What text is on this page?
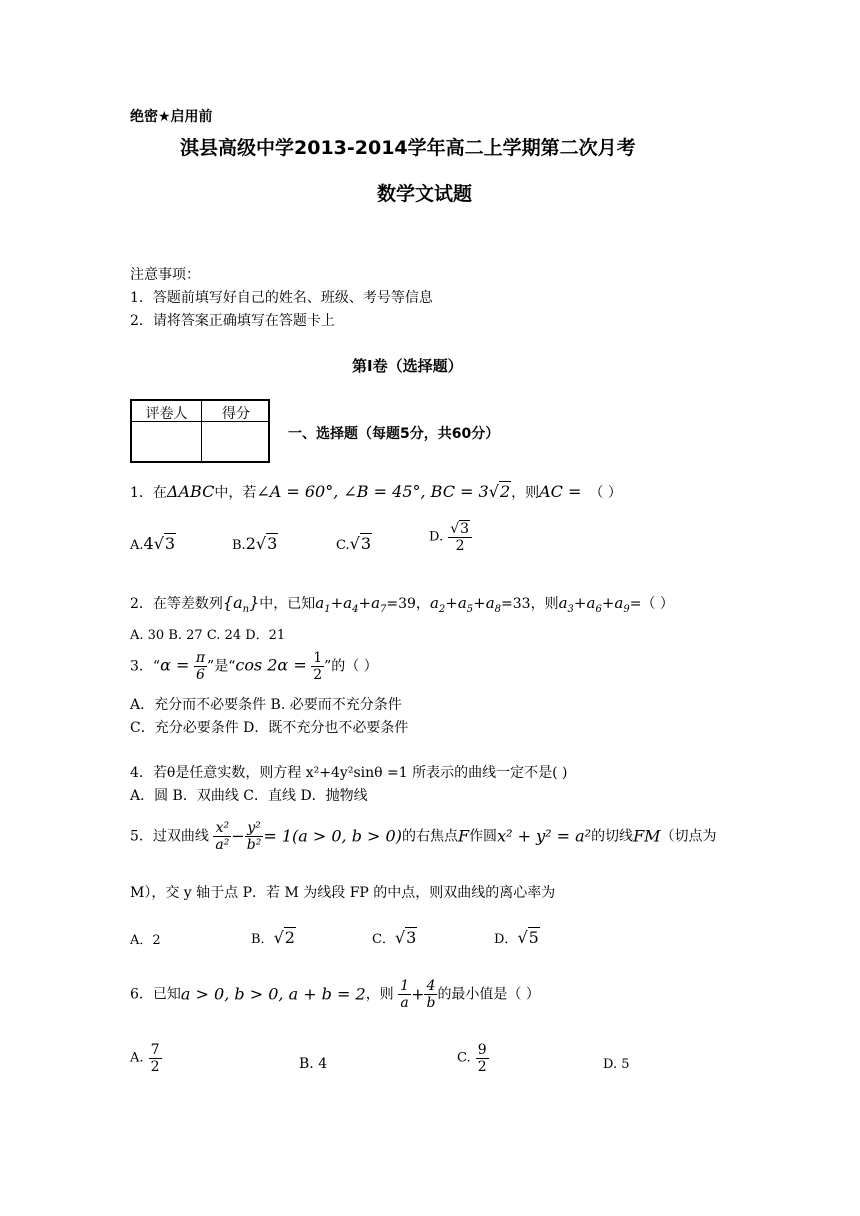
绝密★启用前
淇县高级中学2013-2014学年高二上学期第二次月考
数学文试题
注意事项：
1．答题前填写好自己的姓名、班级、考号等信息
2．请将答案正确填写在答题卡上
第Ⅰ卷（选择题）
评卷人	得分
一、选择题（每题5分，共60分）
1．在ΔABC中，若∠A = 60°, ∠B = 45°, BC = 3√2，则AC = （ ）
A.4√3	B.2√3	C.√3	D. $\frac{√3}{2}$
2．在等差数列$\{a_n\}$中，已知$a_1+a_4+a_7=39$，$a_2+a_5+a_8=33$，则$a_3+a_6+a_9=$（ ）
A. 30 B. 27 C. 24 D．21
3．“$\alpha = \frac{\pi}{6}$ ”是“cos $2\alpha = \frac{1}{2}$ ”的（ ）
A．充分而不必要条件 B. 必要而不充分条件
C．充分必要条件 D．既不充分也不必要条件
4．若θ是任意实数，则方程 x²+4y²sinθ =1 所表示的曲线一定不是( )
A．圆 B．双曲线 C．直线 D．抛物线
5．过双曲线 $\frac{\text{x²}}{\text{a²}} - \frac{\text{y²}}{\text{b²}} = 1(a > 0$, b > 0)的右焦点F作圆x² + y² = a²的切线FM（切点为
M），交 y 轴于点 P．若 M 为线段 FP 的中点，则双曲线的离心率为
A．2	B．√2	C．√3	D．√5
6．已知a > 0, b > 0, a + b = 2，则 $\frac{1}{a} + \frac{4}{b}$ 的最小值是（ ）
A. $\frac{7}{2}$	B. 4	C. $\frac{9}{2}$	D. 5
